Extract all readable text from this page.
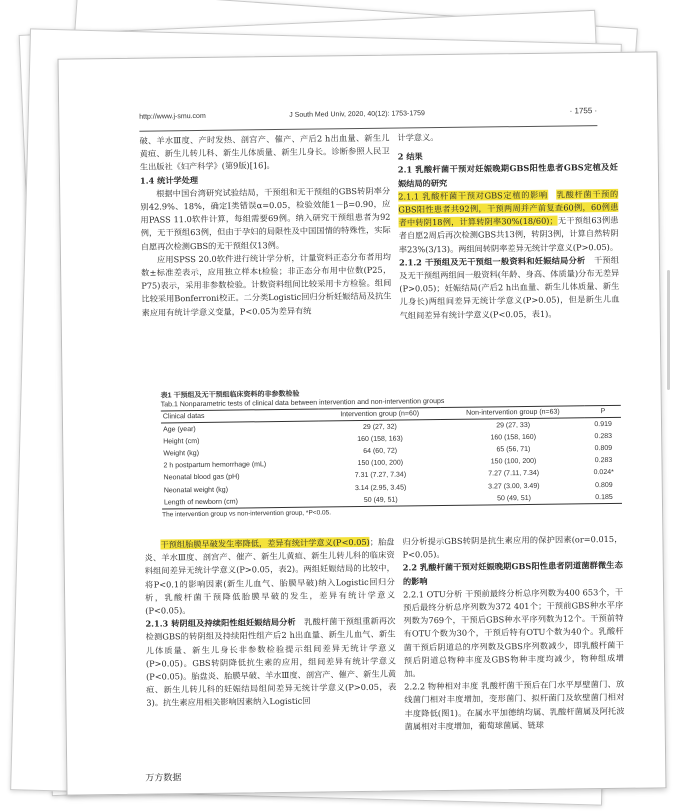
http://www.j-smu.com	J South Med Univ, 2020, 40(12): 1753-1759	· 1755 ·

破、羊水Ⅲ度、产时发热、剖宫产、催产、产后2 h出血量、新生儿黄疸、新生儿转儿科、新生儿体质量、新生儿身长。诊断参照人民卫生出版社《妇产科学》(第9版)[16]。

1.4 统计学处理

根据中国台湾研究试验结局，干预组和无干预组的GBS转阴率分别42.9%、18%，确定Ⅰ类错误α=0.05，检验效能1－β=0.90，应用PASS 11.0软件计算，每组需要69例。纳入研究干预组患者为92例，无干预组63例，但由于孕妇的局限性及中国国情的特殊性，实际自愿再次检测GBS的无干预组仅13例。

应用SPSS 20.0软件进行统计学分析，计量资料正态分布者用均数±标准差表示，应用独立样本t检验；非正态分布用中位数(P25，P75)表示，采用非参数检验。计数资料组间比较采用卡方检验。组间比较采用Bonferroni校正。二分类Logistic回归分析妊娠结局及抗生素应用有统计学意义变量，P<0.05为差异有统

计学意义。

2 结果

2.1 乳酸杆菌干预对妊娠晚期GBS阳性患者GBS定植及妊娠结局的研究

2.1.1 乳酸杆菌干预对GBS定植的影响  乳酸杆菌干预的GBS阳性患者共92例，干预两周并产前复查60例，60例患者中转阴18例，计算转阴率30%(18/60)；无干预组63例患者自愿2周后再次检测GBS共13例，转阴3例，计算自然转阴率23%(3/13)。两组间转阴率差异无统计学意义(P>0.05)。

2.1.2 干预组及无干预组一般资料和妊娠结局分析  干预组及无干预组两组间一般资料(年龄、身高、体质量)分布无差异(P>0.05)；妊娠结局(产后2 h出血量、新生儿体质量、新生儿身长)两组间差异无统计学意义(P>0.05)，但是新生儿血气组间差异有统计学意义(P<0.05，表1)。

表1 干预组及无干预组临床资料的非参数检验
Tab.1 Nonparametric tests of clinical data between intervention and non-intervention groups
Clinical datas	Intervention group (n=60)	Non-intervention group (n=63)	P
Age (year)	29 (27, 32)	29 (27, 33)	0.919
Height (cm)	160 (158, 163)	160 (158, 160)	0.283
Weight (kg)	64 (60, 72)	65 (56, 71)	0.809
2 h postpartum hemorrhage (mL)	150 (100, 200)	150 (100, 200)	0.283
Neonatal blood gas (pH)	7.31 (7.27, 7.34)	7.27 (7.11, 7.34)	0.024*
Neonatal weight (kg)	3.14 (2.95, 3.45)	3.27 (3.00, 3.49)	0.809
Length of newborn (cm)	50 (49, 51)	50 (49, 51)	0.185
The intervention group vs non-intervention group, *P<0.05.

干预组胎膜早破发生率降低，差异有统计学意义(P<0.05)；胎盘炎、羊水Ⅲ度、剖宫产、催产、新生儿黄疸、新生儿转儿科的临床资料组间差异无统计学意义(P>0.05，表2)。两组妊娠结局的比较中，将P<0.1的影响因素(新生儿血气、胎膜早破)纳入Logistic回归分析，乳酸杆菌干预降低胎膜早破的发生，差异有统计学意义(P<0.05)。

2.1.3 转阴组及持续阳性组妊娠结局分析  乳酸杆菌干预组重新再次检测GBS的转阴组及持续阳性组产后2 h出血量、新生儿血气、新生儿体质量、新生儿身长非参数检验提示组间差异无统计学意义(P>0.05)。GBS转阴降低抗生素的应用，组间差异有统计学意义(P<0.05)。胎盘炎、胎膜早破、羊水Ⅲ度、剖宫产、催产、新生儿黄疸、新生儿转儿科的妊娠结局组间差异无统计学意义(P>0.05，表3)。抗生素应用相关影响因素纳入Logistic回

归分析提示GBS转阴是抗生素应用的保护因素(or=0.015，P<0.05)。

2.2 乳酸杆菌干预对妊娠晚期GBS阳性患者阴道菌群微生态的影响

2.2.1 OTU分析 干预前最终分析总序列数为400 653个，干预后最终分析总序列数为372 401个；干预前GBS种水平序列数为769个，干预后GBS种水平序列数为12个。干预前特有OTU个数为30个，干预后特有OTU个数为40个。乳酸杆菌干预后阴道总的序列数及GBS序列数减少，即乳酸杆菌干预后阴道总物种丰度及GBS物种丰度均减少，物种组成增加。

2.2.2 物种相对丰度 乳酸杆菌干预后在门水平厚壁菌门、放线菌门相对丰度增加，变形菌门、拟杆菌门及软壁菌门相对丰度降低(图1)。在属水平加德纳均属、乳酸杆菌属及阿托波菌属相对丰度增加，葡萄球菌属、链球

万方数据
